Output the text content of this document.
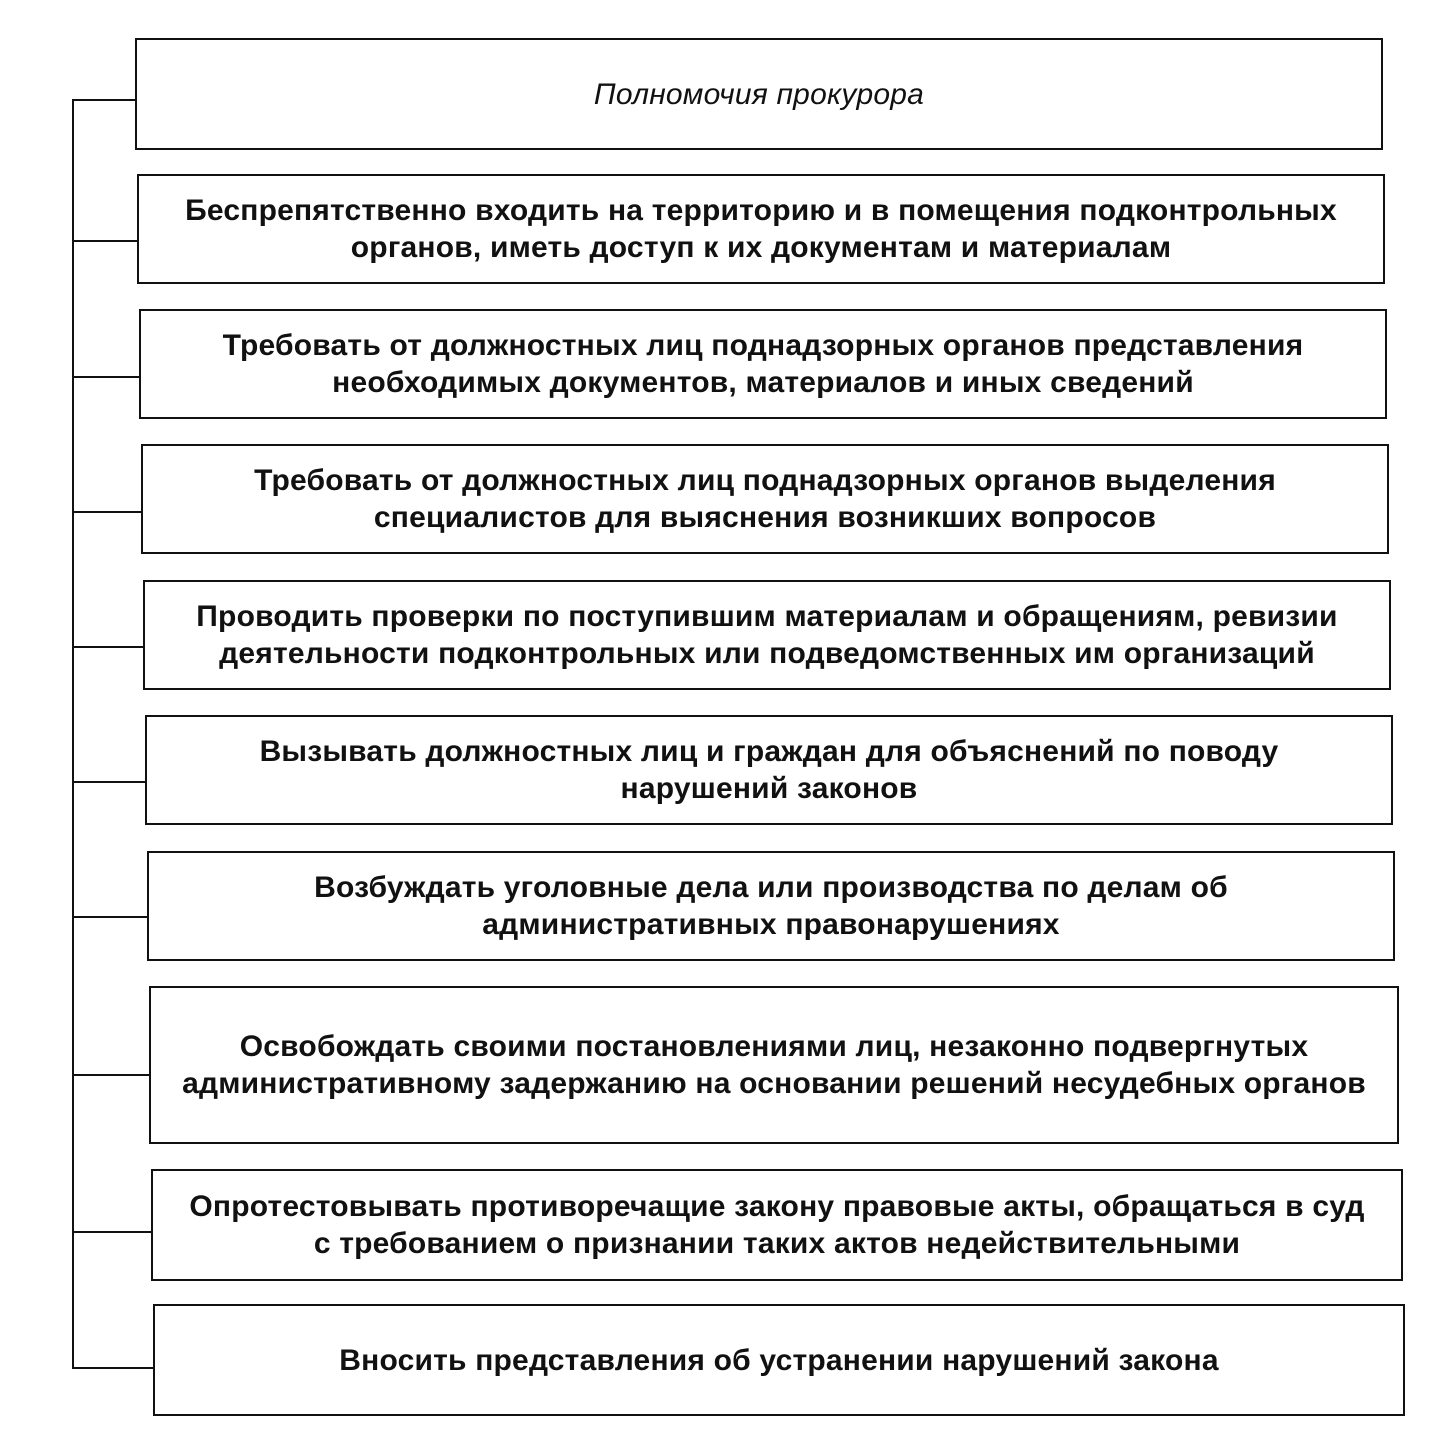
Полномочия прокурора
Беспрепятственно входить на территорию и в помещения подконтрольных органов, иметь доступ к их документам и материалам
Требовать от должностных лиц поднадзорных органов представления необходимых документов, материалов и иных сведений
Требовать от должностных лиц поднадзорных органов выделения специалистов для выяснения возникших вопросов
Проводить проверки по поступившим материалам и обращениям, ревизии деятельности подконтрольных или подведомственных им организаций
Вызывать должностных лиц и граждан для объяснений по поводу нарушений законов
Возбуждать уголовные дела или производства по делам об административных правонарушениях
Освобождать своими постановлениями лиц, незаконно подвергнутых административному задержанию на основании решений несудебных органов
Опротестовывать противоречащие закону правовые акты, обращаться в суд с требованием о признании таких актов недействительными
Вносить представления об устранении нарушений закона
